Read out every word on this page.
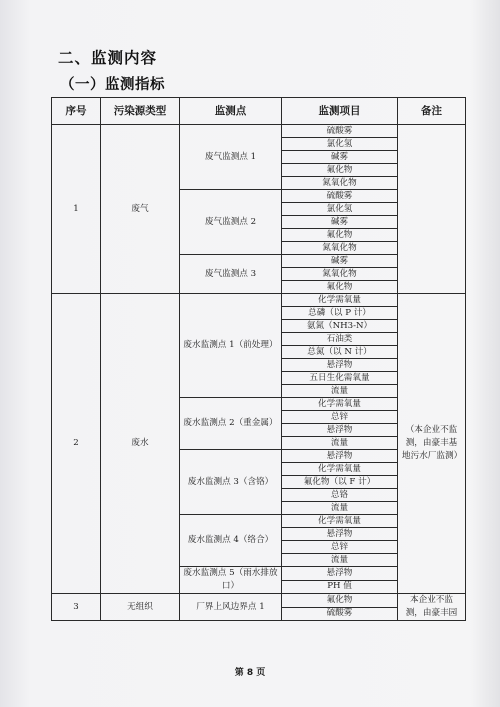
二、监测内容
（一）监测指标
序号	污染源类型	监测点	监测项目	备注
1	废气	废气监测点 1	硫酸雾	
			氯化氢	
			碱雾	
			氟化物	
			氮氧化物	
		废气监测点 2	硫酸雾	
			氯化氢	
			碱雾	
			氟化物	
			氮氧化物	
		废气监测点 3	碱雾	
			氮氧化物	
			氟化物	
2	废水	废水监测点 1（前处理）	化学需氧量	（本企业不监测，由豪丰基地污水厂监测）
			总磷（以 P 计）	
			氨氮（NH3-N）	
			石油类	
			总氮（以 N 计）	
			悬浮物	
			五日生化需氧量	
			流量	
		废水监测点 2（重金属）	化学需氧量	
			总锌	
			悬浮物	
			流量	
		废水监测点 3（含铬）	悬浮物	
			化学需氧量	
			氟化物（以 F 计）	
			总铬	
			流量	
		废水监测点 4（络合）	化学需氧量	
			悬浮物	
			总锌	
			流量	
		废水监测点 5（雨水排放口）	悬浮物	
			PH 值	
3	无组织	厂界上风边界点 1	氟化物	本企业不监测，由豪丰园
			硫酸雾	
第 8 页
